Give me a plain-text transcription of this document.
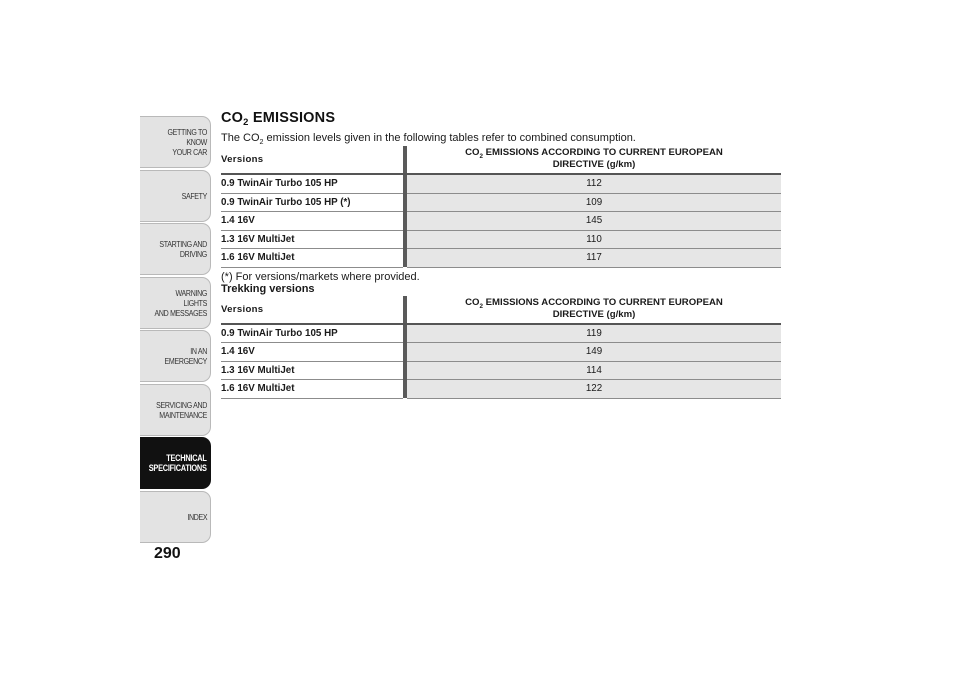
GETTING TO KNOW
YOUR CAR
SAFETY
STARTING AND
DRIVING
WARNING LIGHTS
AND MESSAGES
IN AN EMERGENCY
SERVICING AND
MAINTENANCE
TECHNICAL
SPECIFICATIONS
INDEX
290
$CO_2$ EMISSIONS

The $CO_2$ emission levels given in the following tables refer to combined consumption.

Versions		$CO_2$ EMISSIONS ACCORDING TO CURRENT EUROPEAN
DIRECTIVE (g/km)
0.9 TwinAir Turbo 105 HP		112
0.9 TwinAir Turbo 105 HP (*)		109
1.4 16V		145
1.3 16V MultiJet		110
1.6 16V MultiJet		117

(*) For versions/markets where provided.

Trekking versions

Versions		$CO_2$ EMISSIONS ACCORDING TO CURRENT EUROPEAN
DIRECTIVE (g/km)
0.9 TwinAir Turbo 105 HP		119
1.4 16V		149
1.3 16V MultiJet		114
1.6 16V MultiJet		122
